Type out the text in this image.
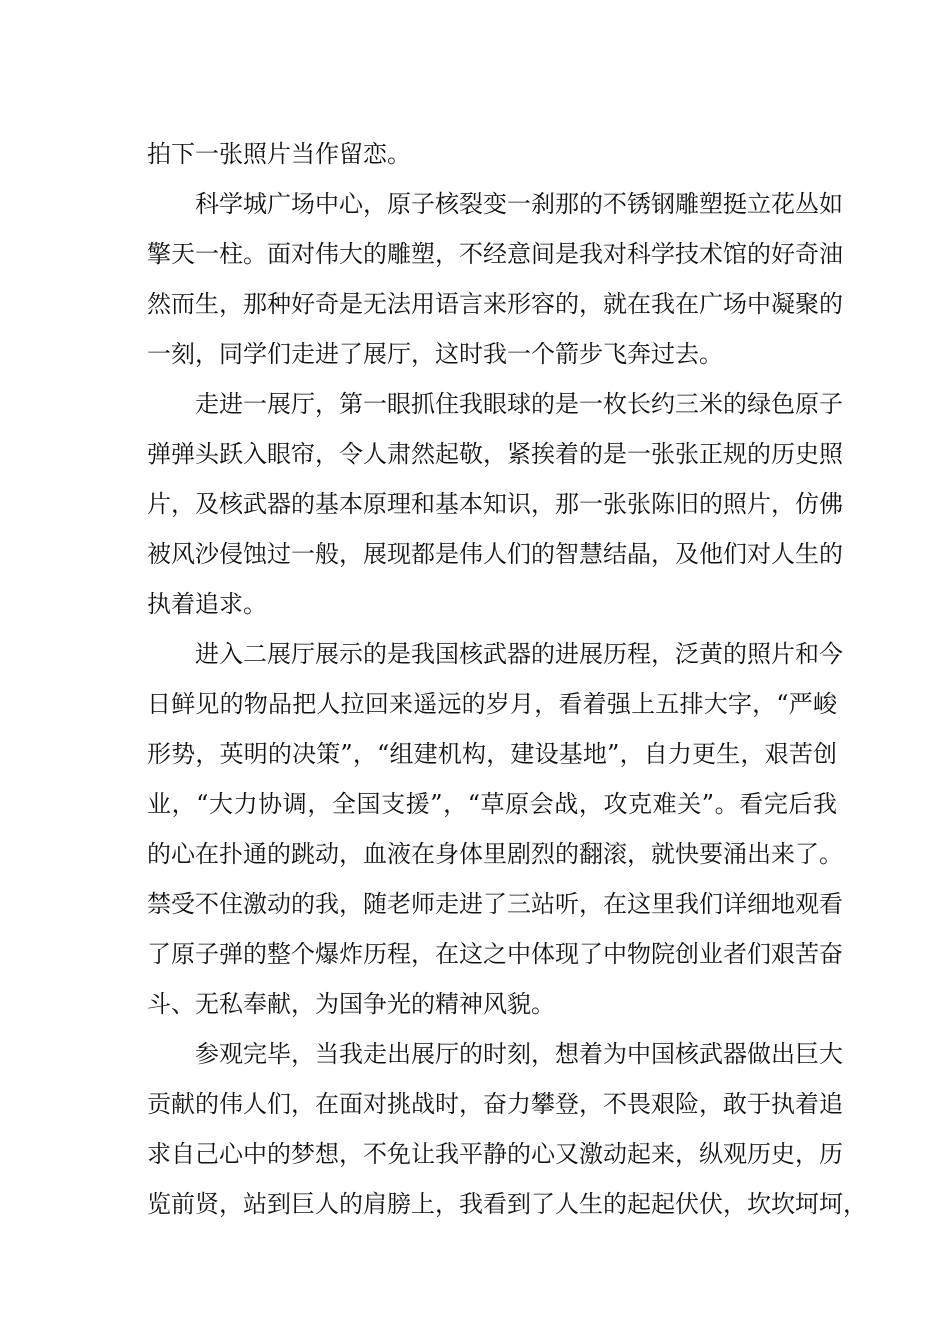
拍下一张照片当作留恋。
科学城广场中心，原子核裂变一刹那的不锈钢雕塑挺立花丛如
擎天一柱。面对伟大的雕塑，不经意间是我对科学技术馆的好奇油
然而生，那种好奇是无法用语言来形容的，就在我在广场中凝聚的
一刻，同学们走进了展厅，这时我一个箭步飞奔过去。
走进一展厅，第一眼抓住我眼球的是一枚长约三米的绿色原子
弹弹头跃入眼帘，令人肃然起敬，紧挨着的是一张张正规的历史照
片，及核武器的基本原理和基本知识，那一张张陈旧的照片，仿佛
被风沙侵蚀过一般，展现都是伟人们的智慧结晶，及他们对人生的
执着追求。
进入二展厅展示的是我国核武器的进展历程，泛黄的照片和今
日鲜见的物品把人拉回来遥远的岁月，看着强上五排大字，“严峻
形势，英明的决策”，“组建机构，建设基地”，自力更生，艰苦创
业，“大力协调，全国支援”，“草原会战，攻克难关”。看完后我
的心在扑通的跳动，血液在身体里剧烈的翻滚，就快要涌出来了。
禁受不住激动的我，随老师走进了三站听，在这里我们详细地观看
了原子弹的整个爆炸历程，在这之中体现了中物院创业者们艰苦奋
斗、无私奉献，为国争光的精神风貌。
参观完毕，当我走出展厅的时刻，想着为中国核武器做出巨大
贡献的伟人们，在面对挑战时，奋力攀登，不畏艰险，敢于执着追
求自己心中的梦想，不免让我平静的心又激动起来，纵观历史，历
览前贤，站到巨人的肩膀上，我看到了人生的起起伏伏，坎坎坷坷，
